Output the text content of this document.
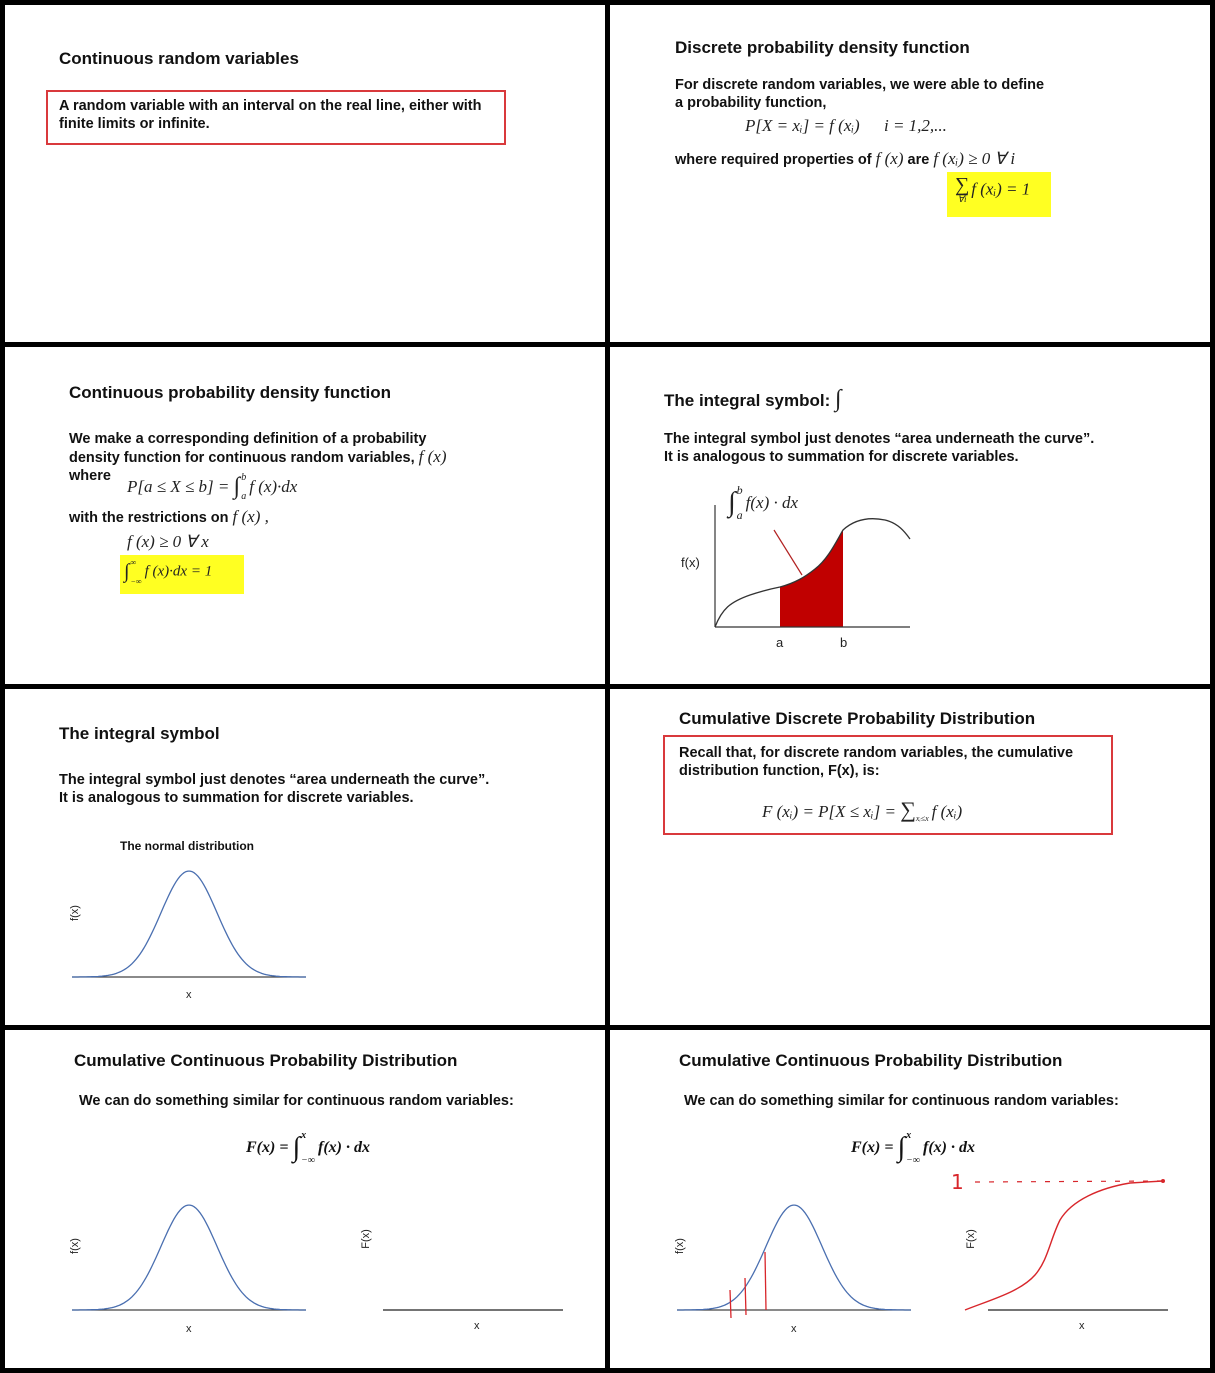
Continuous random variables
A random variable with an interval on the real line, either with
finite limits or infinite.
Discrete probability density function
For discrete random variables, we were able to define
a probability function,
P[X = xᵢ] = f (xᵢ) i = 1,2,...
where required properties of f (x) are f (xᵢ) ≥ 0 ∀ i
∑
∀i
f (xᵢ) = 1
Continuous probability density function
We make a corresponding definition of a probability
density function for continuous random variables, f (x)
where
P[a ≤ X ≤ b] = ∫ b
a
f (x)·dx
with the restrictions on f (x) ,
f (x) ≥ 0 ∀ x
∫ ∞
−∞
f (x)·dx = 1
The integral symbol: ∫
The integral symbol just denotes “area underneath the curve”.
It is analogous to summation for discrete variables.
∫ b
a
f(x) · dx
f(x)
a	b
The integral symbol
The integral symbol just denotes “area underneath the curve”.
It is analogous to summation for discrete variables.
The normal distribution
f(x)
x
Cumulative Discrete Probability Distribution
Recall that, for discrete random variables, the cumulative
distribution function, F(x), is:
F (xᵢ) = P[X ≤ xᵢ] = $\sum_{xᵢ\le x}$ f (xᵢ)
Cumulative Continuous Probability Distribution
We can do something similar for continuous random variables:
F(x) = ∫ x
−∞
f(x) · dx
f(x)
x
F(x)
x
Cumulative Continuous Probability Distribution
We can do something similar for continuous random variables:
F(x) = ∫ x
−∞
f(x) · dx
1
f(x)
x
F(x)
x
